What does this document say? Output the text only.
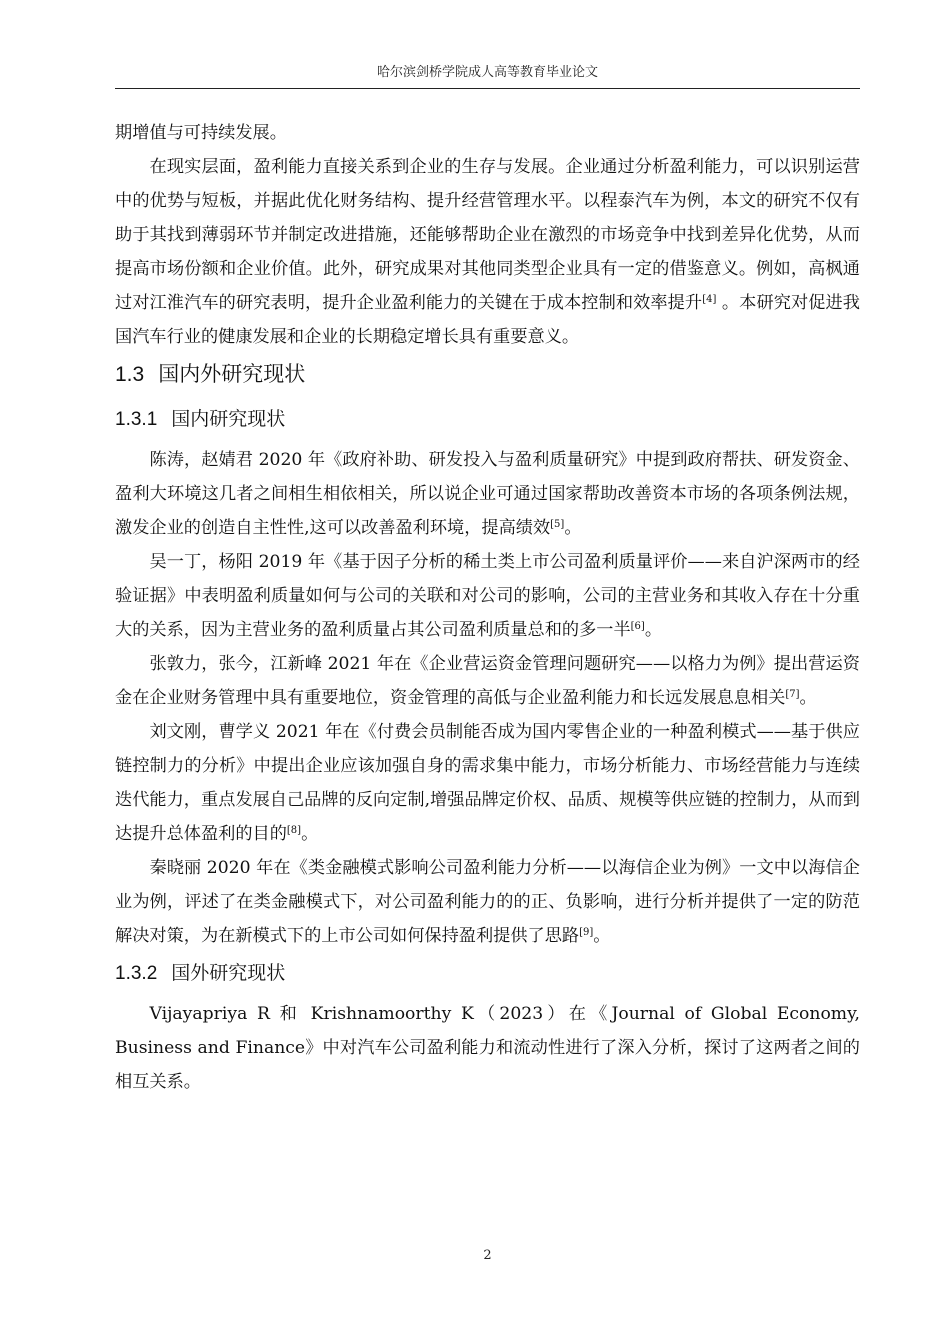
哈尔滨剑桥学院成人高等教育毕业论文

期增值与可持续发展。

在现实层面，盈利能力直接关系到企业的生存与发展。企业通过分析盈利能力，可以识别运营中的优势与短板，并据此优化财务结构、提升经营管理水平。以程泰汽车为例，本文的研究不仅有助于其找到薄弱环节并制定改进措施，还能够帮助企业在激烈的市场竞争中找到差异化优势，从而提高市场份额和企业价值。此外，研究成果对其他同类型企业具有一定的借鉴意义。例如，高枫通过对江淮汽车的研究表明，提升企业盈利能力的关键在于成本控制和效率提升[4] 。本研究对促进我国汽车行业的健康发展和企业的长期稳定增长具有重要意义。

1.3 国内外研究现状
1.3.1 国内研究现状

陈涛，赵婧君 2020 年《政府补助、研发投入与盈利质量研究》中提到政府帮扶、研发资金、盈利大环境这几者之间相生相依相关，所以说企业可通过国家帮助改善资本市场的各项条例法规，激发企业的创造自主性性,这可以改善盈利环境，提高绩效[5]。

吴一丁，杨阳 2019 年《基于因子分析的稀土类上市公司盈利质量评价——来自沪深两市的经验证据》中表明盈利质量如何与公司的关联和对公司的影响，公司的主营业务和其收入存在十分重大的关系，因为主营业务的盈利质量占其公司盈利质量总和的多一半[6]。

张敦力，张今，江新峰 2021 年在《企业营运资金管理问题研究——以格力为例》提出营运资金在企业财务管理中具有重要地位，资金管理的高低与企业盈利能力和长远发展息息相关[7]。

刘文刚，曹学义 2021 年在《付费会员制能否成为国内零售企业的一种盈利模式——基于供应链控制力的分析》中提出企业应该加强自身的需求集中能力，市场分析能力、市场经营能力与连续迭代能力，重点发展自己品牌的反向定制,增强品牌定价权、品质、规模等供应链的控制力，从而到达提升总体盈利的目的[8]。

秦晓丽 2020 年在《类金融模式影响公司盈利能力分析——以海信企业为例》一文中以海信企业为例，评述了在类金融模式下，对公司盈利能力的的正、负影响，进行分析并提供了一定的防范解决对策，为在新模式下的上市公司如何保持盈利提供了思路[9]。

1.3.2 国外研究现状

Vijayapriya R 和 Krishnamoorthy K（2023）在《Journal of Global Economy, Business and Finance》中对汽车公司盈利能力和流动性进行了深入分析，探讨了这两者之间的相互关系。

2
